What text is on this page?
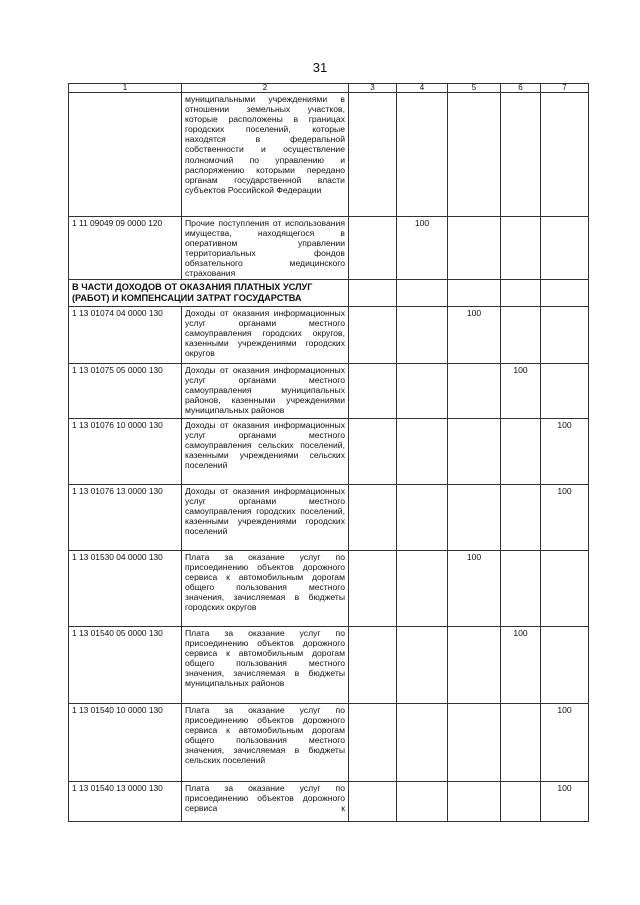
31
1	2	3	4	5	6	7
	муниципальными учреждениями в отношении земельных участков, которые расположены в границах городских поселений, которые находятся в федеральной собственности и осуществление полномочий по управлению и распоряжению которыми передано органам государственной власти субъектов Российской Федерации					
1 11 09049 09 0000 120	Прочие поступления от использования имущества, находящегося в оперативном управлении территориальных фондов обязательного медицинского страхования		100			
В ЧАСТИ ДОХОДОВ ОТ ОКАЗАНИЯ ПЛАТНЫХ УСЛУГ (РАБОТ) И КОМПЕНСАЦИИ ЗАТРАТ ГОСУДАРСТВА						
1 13 01074 04 0000 130	Доходы от оказания информационных услуг органами местного самоуправления городских округов, казенными учреждениями городских округов			100		
1 13 01075 05 0000 130	Доходы от оказания информационных услуг органами местного самоуправления муниципальных районов, казенными учреждениями муниципальных районов				100	
1 13 01076 10 0000 130	Доходы от оказания информационных услуг органами местного самоуправления сельских поселений, казенными учреждениями сельских поселений					100
1 13 01076 13 0000 130	Доходы от оказания информационных услуг органами местного самоуправления городских поселений, казенными учреждениями городских поселений					100
1 13 01530 04 0000 130	Плата за оказание услуг по присоединению объектов дорожного сервиса к автомобильным дорогам общего пользования местного значения, зачисляемая в бюджеты городских округов			100		
1 13 01540 05 0000 130	Плата за оказание услуг по присоединению объектов дорожного сервиса к автомобильным дорогам общего пользования местного значения, зачисляемая в бюджеты муниципальных районов				100	
1 13 01540 10 0000 130	Плата за оказание услуг по присоединению объектов дорожного сервиса к автомобильным дорогам общего пользования местного значения, зачисляемая в бюджеты сельских поселений					100
1 13 01540 13 0000 130	Плата за оказание услуг по присоединению объектов дорожного сервиса к					100
